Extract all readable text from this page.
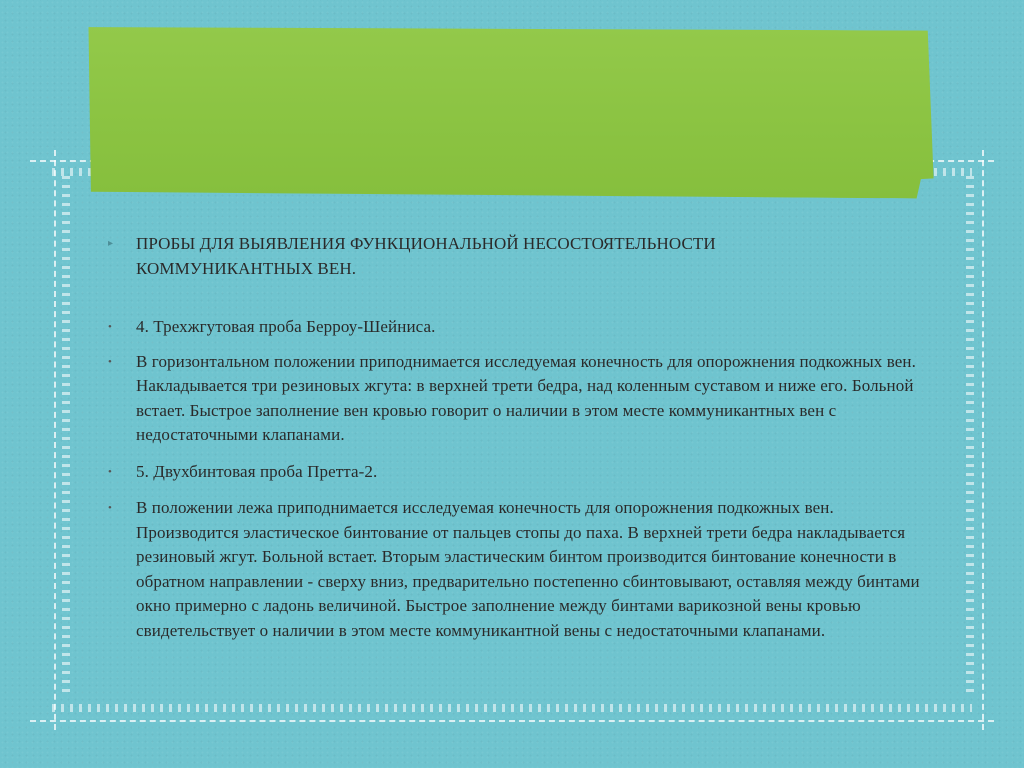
▸	ПРОБЫ ДЛЯ ВЫЯВЛЕНИЯ ФУНКЦИОНАЛЬНОЙ НЕСОСТОЯТЕЛЬНОСТИ КОММУНИКАНТНЫХ ВЕН.
•	4. Трехжгутовая проба Берроу-Шейниса.
•	В горизонтальном положении приподнимается исследуемая конечность для опорожнения подкожных вен. Накладывается три резиновых жгута: в верхней трети бедра, над коленным суставом и ниже его. Больной встает. Быстрое заполнение вен кровью говорит о наличии в этом месте коммуникантных вен с недостаточными клапанами.
•	5. Двухбинтовая проба Претта-2.
•	В положении лежа приподнимается исследуемая конечность для опорожнения подкожных вен. Производится эластическое бинтование от пальцев стопы до паха. В верхней трети бедра накладывается резиновый жгут. Больной встает. Вторым эластическим бинтом производится бинтование конечности в обратном направлении - сверху вниз, предварительно постепенно сбинтовывают, оставляя между бинтами окно примерно с ладонь величиной. Быстрое заполнение между бинтами варикозной вены кровью свидетельствует о наличии в этом месте коммуникантной вены с недостаточными клапанами.
